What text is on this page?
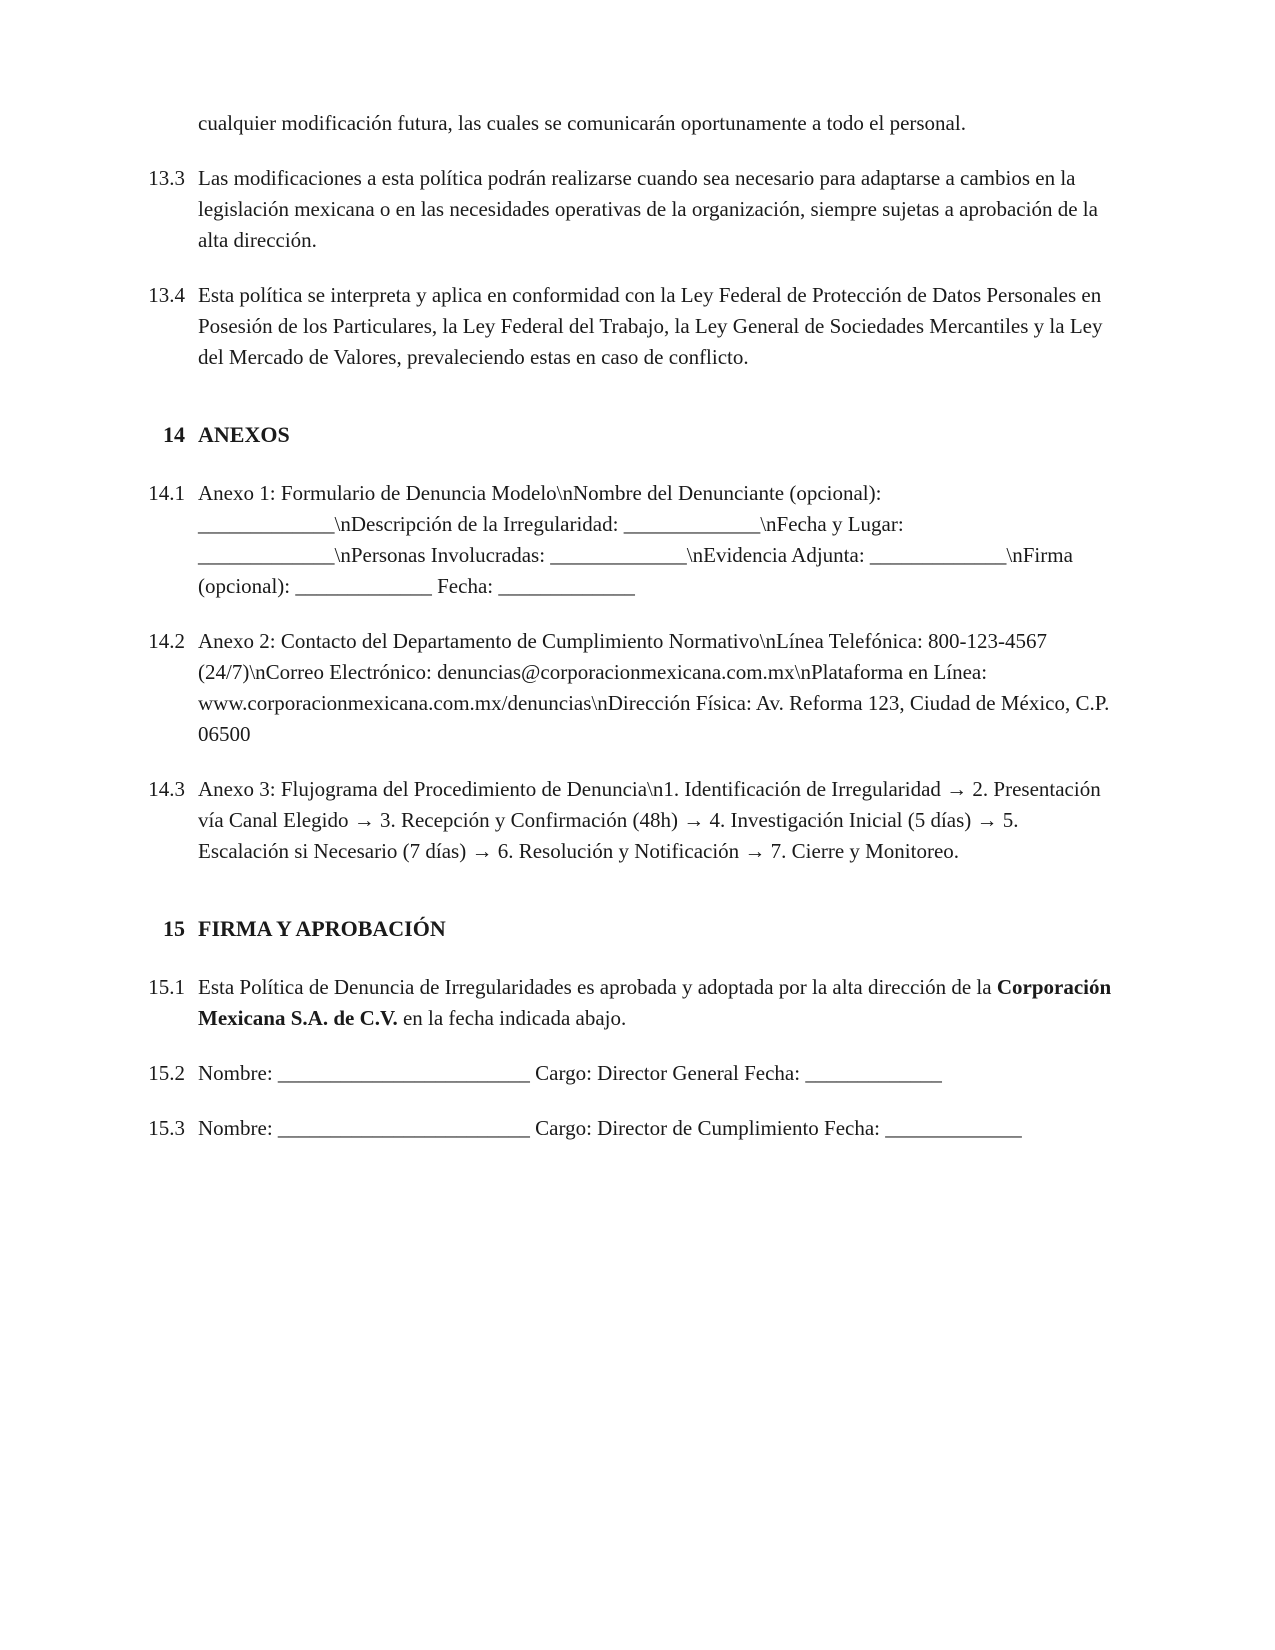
cualquier modificación futura, las cuales se comunicarán oportunamente a todo el personal.
13.3 Las modificaciones a esta política podrán realizarse cuando sea necesario para adaptarse a cambios en la legislación mexicana o en las necesidades operativas de la organización, siempre sujetas a aprobación de la alta dirección.
13.4 Esta política se interpreta y aplica en conformidad con la Ley Federal de Protección de Datos Personales en Posesión de los Particulares, la Ley Federal del Trabajo, la Ley General de Sociedades Mercantiles y la Ley del Mercado de Valores, prevaleciendo estas en caso de conflicto.
14 ANEXOS
14.1 Anexo 1: Formulario de Denuncia Modelo\nNombre del Denunciante (opcional): _____________\nDescripción de la Irregularidad: _____________\nFecha y Lugar: _____________\nPersonas Involucradas: _____________\nEvidencia Adjunta: _____________\nFirma (opcional): _____________ Fecha: _____________
14.2 Anexo 2: Contacto del Departamento de Cumplimiento Normativo\nLínea Telefónica: 800-123-4567 (24/7)\nCorreo Electrónico: denuncias@corporacionmexicana.com.mx\nPlataforma en Línea: www.corporacionmexicana.com.mx/denuncias\nDirección Física: Av. Reforma 123, Ciudad de México, C.P. 06500
14.3 Anexo 3: Flujograma del Procedimiento de Denuncia\n1. Identificación de Irregularidad → 2. Presentación vía Canal Elegido → 3. Recepción y Confirmación (48h) → 4. Investigación Inicial (5 días) → 5. Escalación si Necesario (7 días) → 6. Resolución y Notificación → 7. Cierre y Monitoreo.
15 FIRMA Y APROBACIÓN
15.1 Esta Política de Denuncia de Irregularidades es aprobada y adoptada por la alta dirección de la Corporación Mexicana S.A. de C.V. en la fecha indicada abajo.
15.2 Nombre: ________________________ Cargo: Director General Fecha: _____________
15.3 Nombre: ________________________ Cargo: Director de Cumplimiento Fecha: _____________
